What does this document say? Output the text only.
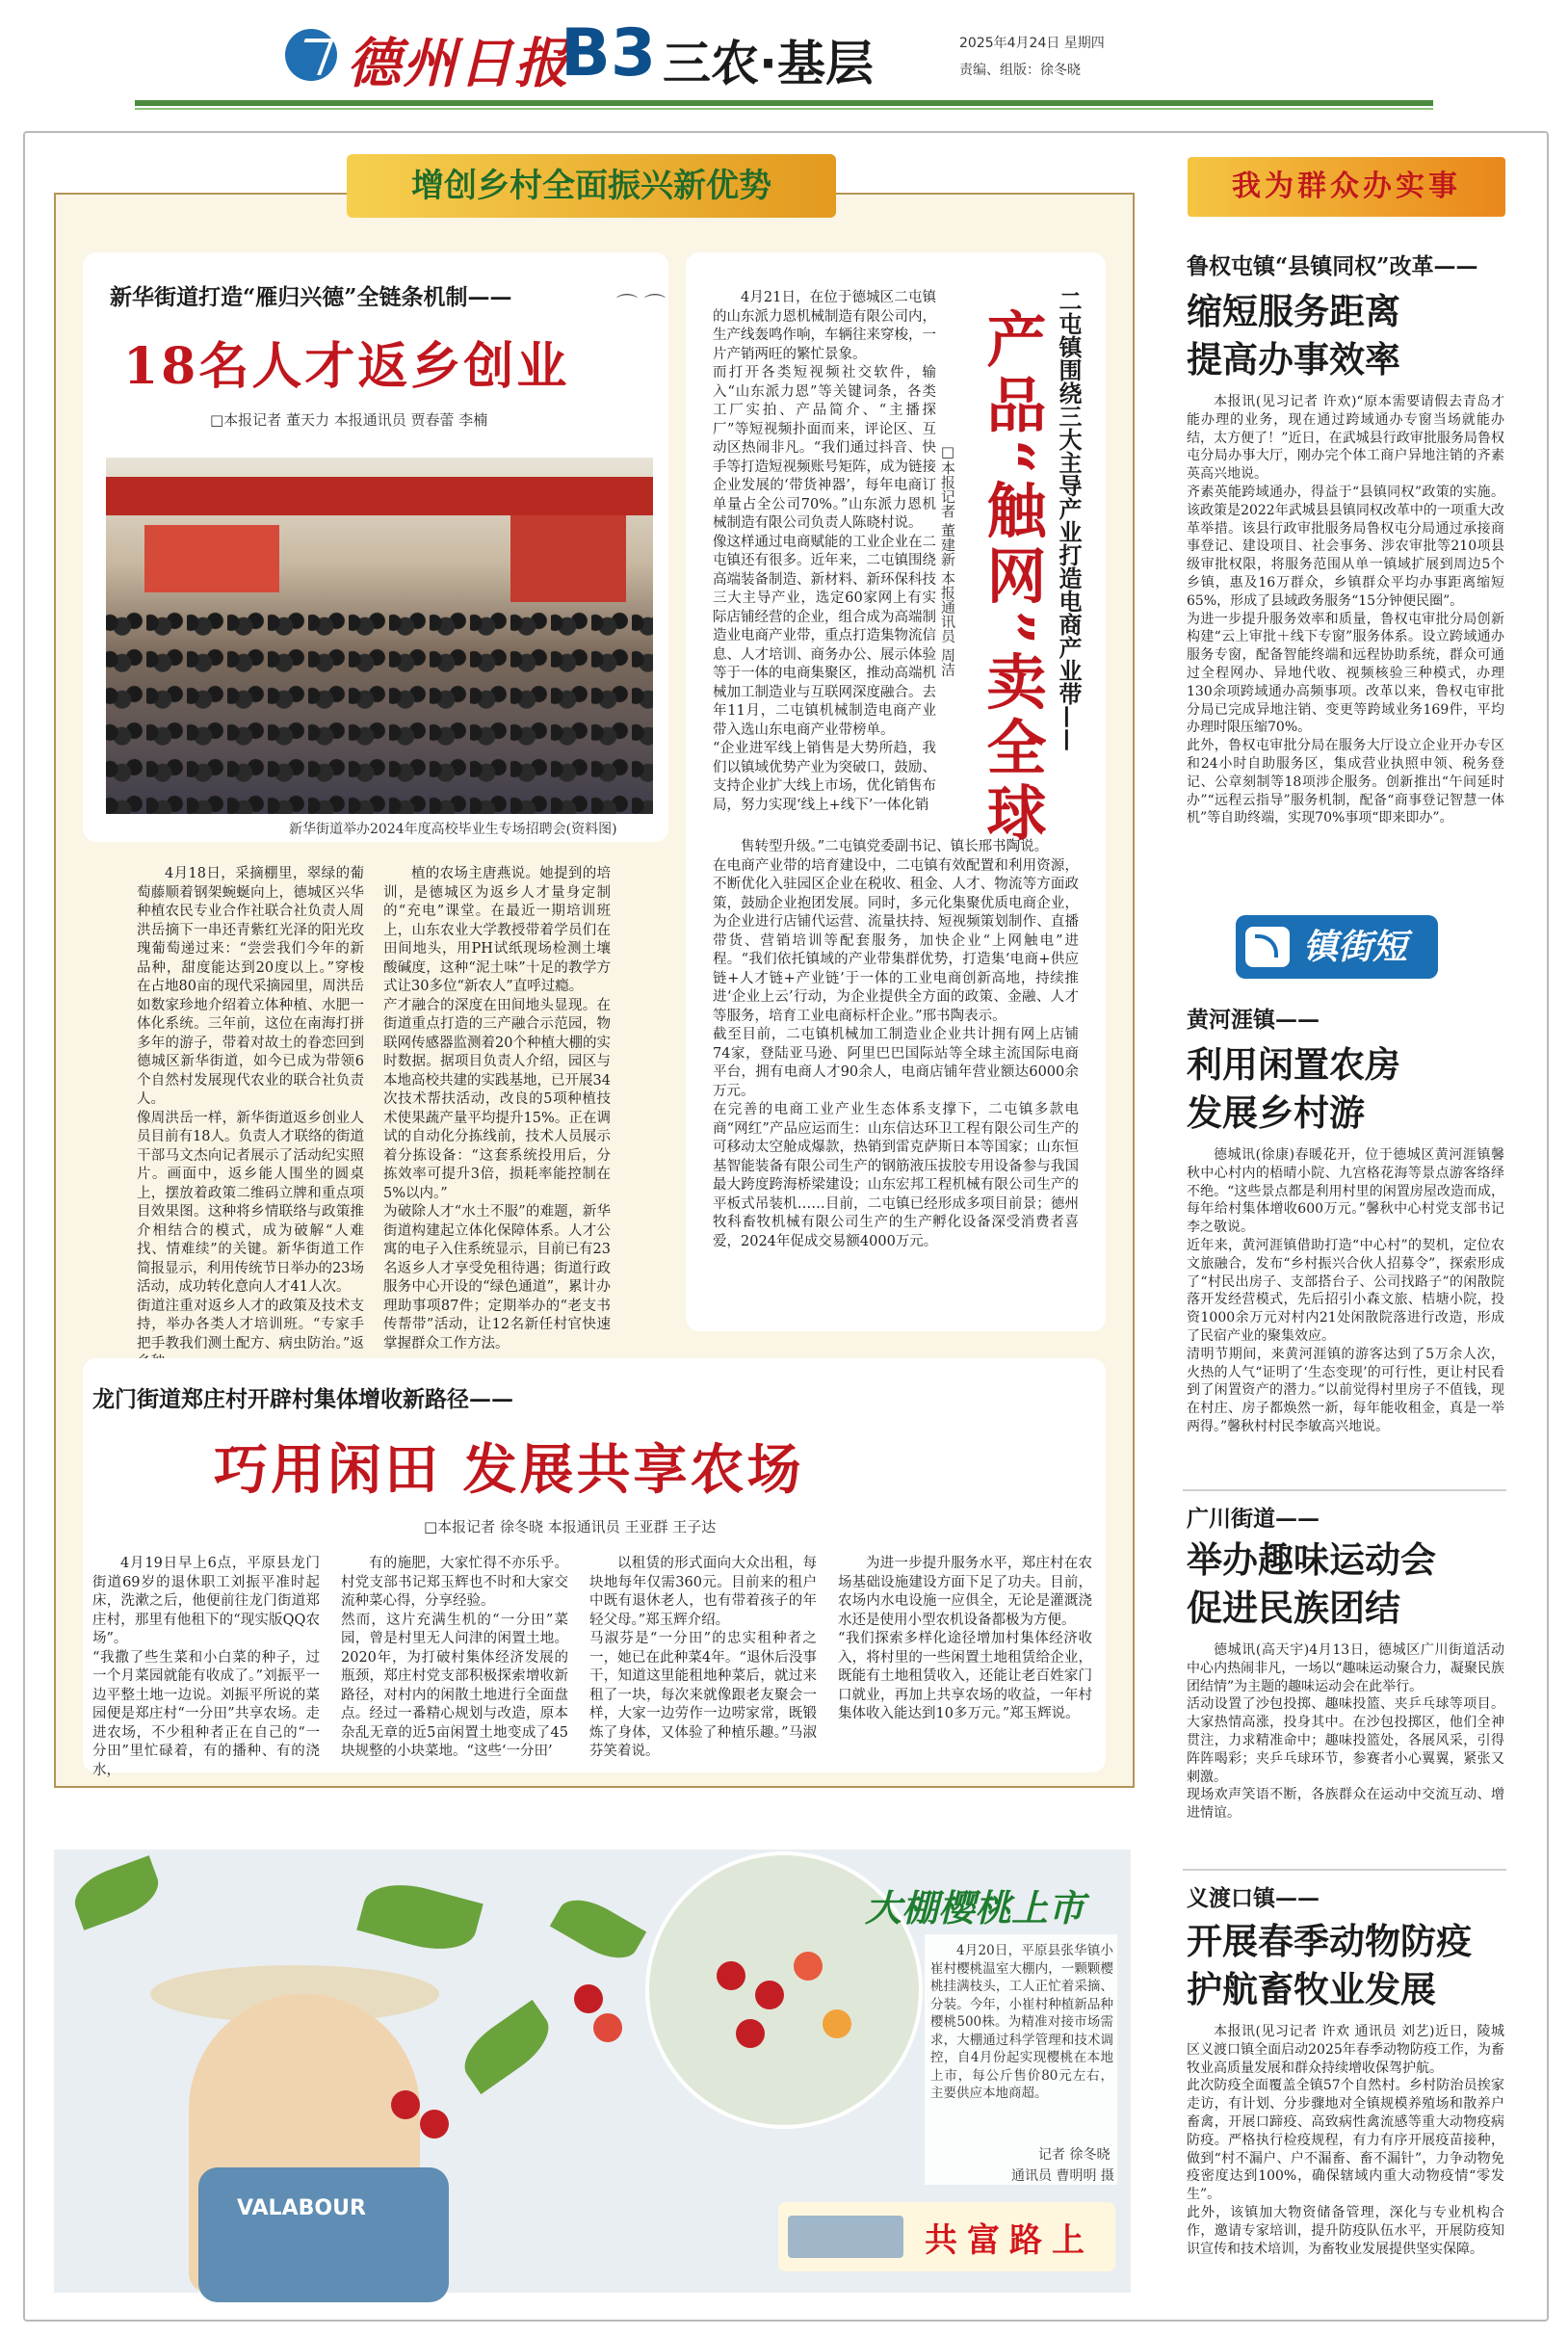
德州日报
B3 三农·基层	2025年4月24日 星期四
责编、组版：徐冬晓
增创乡村全面振兴新优势
新华街道打造“雁归兴德”全链条机制——
18名人才返乡创业
⌒ ⌒
□本报记者 董天力 本报通讯员 贾春蕾 李楠
新华街道举办2024年度高校毕业生专场招聘会(资料图)
4月18日，采摘棚里，翠绿的葡萄藤顺着钢架蜿蜒向上，德城区兴华种植农民专业合作社联合社负责人周洪岳摘下一串还青紫红光泽的阳光玫瑰葡萄递过来：“尝尝我们今年的新品种，甜度能达到20度以上。”穿梭在占地80亩的现代采摘园里，周洪岳如数家珍地介绍着立体种植、水肥一体化系统。三年前，这位在南海打拼多年的游子，带着对故土的眷恋回到德城区新华街道，如今已成为带领6个自然村发展现代农业的联合社负责人。
像周洪岳一样，新华街道返乡创业人员目前有18人。负责人才联络的街道干部马文杰向记者展示了活动纪实照片。画面中，返乡能人围坐的圆桌上，摆放着政策二维码立牌和重点项目效果图。这种将乡情联络与政策推介相结合的模式，成为破解“人难找、情难续”的关键。新华街道工作简报显示，利用传统节日举办的23场活动，成功转化意向人才41人次。
街道注重对返乡人才的政策及技术支持，举办各类人才培训班。“专家手把手教我们测土配方、病虫防治。”返
植的农场主唐燕说。她提到的培训，是德城区为返乡人才量身定制的“充电”课堂。在最近一期培训班上，山东农业大学教授带着学员们在田间地头，用PH试纸现场检测土壤酸碱度，这种“泥土味”十足的教学方式让30多位“新农人”直呼过瘾。
产才融合的深度在田间地头显现。在街道重点打造的三产融合示范园，物联网传感器监测着20个种植大棚的实时数据。据项目负责人介绍，园区与本地高校共建的实践基地，已开展34次技术帮扶活动，改良的5项种植技术使果蔬产量平均提升15%。正在调试的自动化分拣线前，技术人员展示着分拣设备：“这套系统投用后，分拣效率可提升3倍，损耗率能控制在5%以内。”
为破除人才“水土不服”的难题，新华街道构建起立体化保障体系。人才公寓的电子入住系统显示，目前已有23名返乡人才享受免租待遇；街道行政服务中心开设的“绿色通道”，累计办理助事项87件；定期举办的“老支书传帮带”活动，让12名新任村官快速掌握群众工作方法。
4月21日，在位于德城区二屯镇的山东派力恩机械制造有限公司内，生产线轰鸣作响，车辆往来穿梭，一片产销两旺的繁忙景象。
而打开各类短视频社交软件，输入“山东派力恩”等关键词条，各类工厂实拍、产品简介、“主播探厂”等短视频扑面而来，评论区、互动区热闹非凡。“我们通过抖音、快手等打造短视频账号矩阵，成为链接企业发展的‘带货神器’，每年电商订单量占全公司70%。”山东派力恩机械制造有限公司负责人陈晓村说。
像这样通过电商赋能的工业企业在二屯镇还有很多。近年来，二屯镇围绕高端装备制造、新材料、新环保科技三大主导产业，选定60家网上有实际店铺经营的企业，组合成为高端制造业电商产业带，重点打造集物流信息、人才培训、商务办公、展示体验等于一体的电商集聚区，推动高端机械加工制造业与互联网深度融合。去年11月，二屯镇机械制造电商产业带入选山东电商产业带榜单。
“企业进军线上销售是大势所趋，我们以镇域优势产业为突破口，鼓励、支持企业扩大线上市场，优化销售布局，努力实现‘线上+线下’一体化销
二屯镇围绕三大主导产业打造电商产业带——
产品“触网”卖全球
□本报记者 董建新 本报通讯员 周洁
售转型升级。”二屯镇党委副书记、镇长邢书陶说。
在电商产业带的培育建设中，二屯镇有效配置和利用资源，不断优化入驻园区企业在税收、租金、人才、物流等方面政策，鼓励企业抱团发展。同时，多元化集聚优质电商企业，为企业进行店铺代运营、流量扶持、短视频策划制作、直播带货、营销培训等配套服务，加快企业“上网触电”进程。“我们依托镇域的产业带集群优势，打造集‘电商+供应链+人才链+产业链’于一体的工业电商创新高地，持续推进‘企业上云’行动，为企业提供全方面的政策、金融、人才等服务，培育工业电商标杆企业。”邢书陶表示。
截至目前，二屯镇机械加工制造业企业共计拥有网上店铺74家，登陆亚马逊、阿里巴巴国际站等全球主流国际电商平台，拥有电商人才90余人，电商店铺年营业额达6000余万元。
在完善的电商工业产业生态体系支撑下，二屯镇多款电商“网红”产品应运而生：山东信达环卫工程有限公司生产的可移动太空舱成爆款，热销到雷克萨斯日本等国家；山东恒基智能装备有限公司生产的钢筋液压拔胶专用设备参与我国最大跨度跨海桥梁建设；山东宏邦工程机械有限公司生产的平板式吊装机……目前，二屯镇已经形成多项目前景；德州牧科畜牧机械有限公司生产的生产孵化设备深受消费者喜爱，2024年促成交易额4000万元。
龙门街道郑庄村开辟村集体增收新路径——
巧用闲田 发展共享农场
□本报记者 徐冬晓 本报通讯员 王亚群 王子达
4月19日早上6点，平原县龙门街道69岁的退休职工刘振平准时起床，洗漱之后，他便前往龙门街道郑庄村，那里有他租下的“现实版QQ农场”。
“我撒了些生菜和小白菜的种子，过一个月菜园就能有收成了。”刘振平一边平整土地一边说。刘振平所说的菜园便是郑庄村“一分田”共享农场。走进农场，不少租种者正在自己的“一分田”里忙碌着，有的播种、有的浇水，
有的施肥，大家忙得不亦乐乎。村党支部书记郑玉辉也不时和大家交流种菜心得，分享经验。
然而，这片充满生机的“一分田”菜园，曾是村里无人问津的闲置土地。2020年，为打破村集体经济发展的瓶颈，郑庄村党支部积极探索增收新路径，对村内的闲散土地进行全面盘点。经过一番精心规划与改造，原本杂乱无章的近5亩闲置土地变成了45块规整的小块菜地。“这些‘一分田’
以租赁的形式面向大众出租，每块地每年仅需360元。目前来的租户中既有退休老人，也有带着孩子的年轻父母。”郑玉辉介绍。
马淑芬是“一分田”的忠实租种者之一，她已在此种菜4年。“退休后没事干，知道这里能租地种菜后，就过来租了一块，每次来就像跟老友聚会一样，大家一边劳作一边唠家常，既锻炼了身体，又体验了种植乐趣。”马淑芬笑着说。
为进一步提升服务水平，郑庄村在农场基础设施建设方面下足了功夫。目前，农场内水电设施一应俱全，无论是灌溉浇水还是使用小型农机设备都极为方便。
“我们探索多样化途径增加村集体经济收入，将村里的一些闲置土地租赁给企业，既能有土地租赁收入，还能让老百姓家门口就业，再加上共享农场的收益，一年村集体收入能达到10多万元。”郑玉辉说。
VALABOUR
大棚樱桃上市
4月20日，平原县张华镇小崔村樱桃温室大棚内，一颗颗樱桃挂满枝头，工人正忙着采摘、分装。今年，小崔村种植新品种樱桃500株。为精准对接市场需求，大棚通过科学管理和技术调控，自4月份起实现樱桃在本地上市，每公斤售价80元左右，主要供应本地商超。
记者 徐冬晓
通讯员 曹明明 摄
共富路上
我为群众办实事
鲁权屯镇“县镇同权”改革——
缩短服务距离
提高办事效率
本报讯(见习记者 许欢)“原本需要请假去青岛才能办理的业务，现在通过跨域通办专窗当场就能办结，太方便了！”近日，在武城县行政审批服务局鲁权屯分局办事大厅，刚办完个体工商户异地注销的齐素英高兴地说。
齐素英能跨域通办，得益于“县镇同权”政策的实施。该政策是2022年武城县县镇同权改革中的一项重大改革举措。该县行政审批服务局鲁权屯分局通过承接商事登记、建设项目、社会事务、涉农审批等210项县级审批权限，将服务范围从单一镇域扩展到周边5个乡镇，惠及16万群众，乡镇群众平均办事距离缩短65%，形成了县域政务服务“15分钟便民圈”。
为进一步提升服务效率和质量，鲁权屯审批分局创新构建“云上审批＋线下专窗”服务体系。设立跨域通办服务专窗，配备智能终端和远程协助系统，群众可通过全程网办、异地代收、视频核验三种模式，办理130余项跨域通办高频事项。改革以来，鲁权屯审批分局已完成异地注销、变更等跨域业务169件，平均办理时限压缩70%。
此外，鲁权屯审批分局在服务大厅设立企业开办专区和24小时自助服务区，集成营业执照申领、税务登记、公章刻制等18项涉企服务。创新推出“午间延时办”“远程云指导”服务机制，配备“商事登记智慧一体机”等自助终端，实现70%事项“即来即办”。
镇街短波
黄河涯镇——
利用闲置农房
发展乡村游
德城讯(徐康)春暖花开，位于德城区黄河涯镇馨秋中心村内的梧晴小院、九宫格花海等景点游客络绎不绝。“这些景点都是利用村里的闲置房屋改造而成，每年给村集体增收600万元。”馨秋中心村党支部书记李之敬说。
近年来，黄河涯镇借助打造“中心村”的契机，定位农文旅融合，发布“乡村振兴合伙人招募令”，探索形成了“村民出房子、支部搭台子、公司找路子”的闲散院落开发经营模式，先后招引小森文旅、桔塘小院，投资1000余万元对村内21处闲散院落进行改造，形成了民宿产业的聚集效应。
清明节期间，来黄河涯镇的游客达到了5万余人次，火热的人气“证明了‘生态变现’的可行性，更让村民看到了闲置资产的潜力。”以前觉得村里房子不值钱，现在村庄、房子都焕然一新，每年能收租金，真是一举两得。”馨秋村村民李敏高兴地说。
广川街道——
举办趣味运动会
促进民族团结
德城讯(高天宇)4月13日，德城区广川街道活动中心内热闹非凡，一场以“趣味运动聚合力，凝聚民族团结情”为主题的趣味运动会在此举行。
活动设置了沙包投掷、趣味投篮、夹乒乓球等项目。大家热情高涨，投身其中。在沙包投掷区，他们全神贯注，力求精准命中；趣味投篮处，各展风采，引得阵阵喝彩；夹乒乓球环节，参赛者小心翼翼，紧张又刺激。
现场欢声笑语不断，各族群众在运动中交流互动、增进情谊。
义渡口镇——
开展春季动物防疫
护航畜牧业发展
本报讯(见习记者 许欢 通讯员 刘艺)近日，陵城区义渡口镇全面启动2025年春季动物防疫工作，为畜牧业高质量发展和群众持续增收保驾护航。
此次防疫全面覆盖全镇57个自然村。乡村防治员挨家走访，有计划、分步骤地对全镇规模养殖场和散养户畜禽，开展口蹄疫、高致病性禽流感等重大动物疫病防疫。严格执行检疫规程，有力有序开展疫苗接种，做到“村不漏户、户不漏畜、畜不漏针”，力争动物免疫密度达到100%，确保辖域内重大动物疫情“零发生”。
此外，该镇加大物资储备管理，深化与专业机构合作，邀请专家培训，提升防疫队伍水平，开展防疫知识宣传和技术培训，为畜牧业发展提供坚实保障。
